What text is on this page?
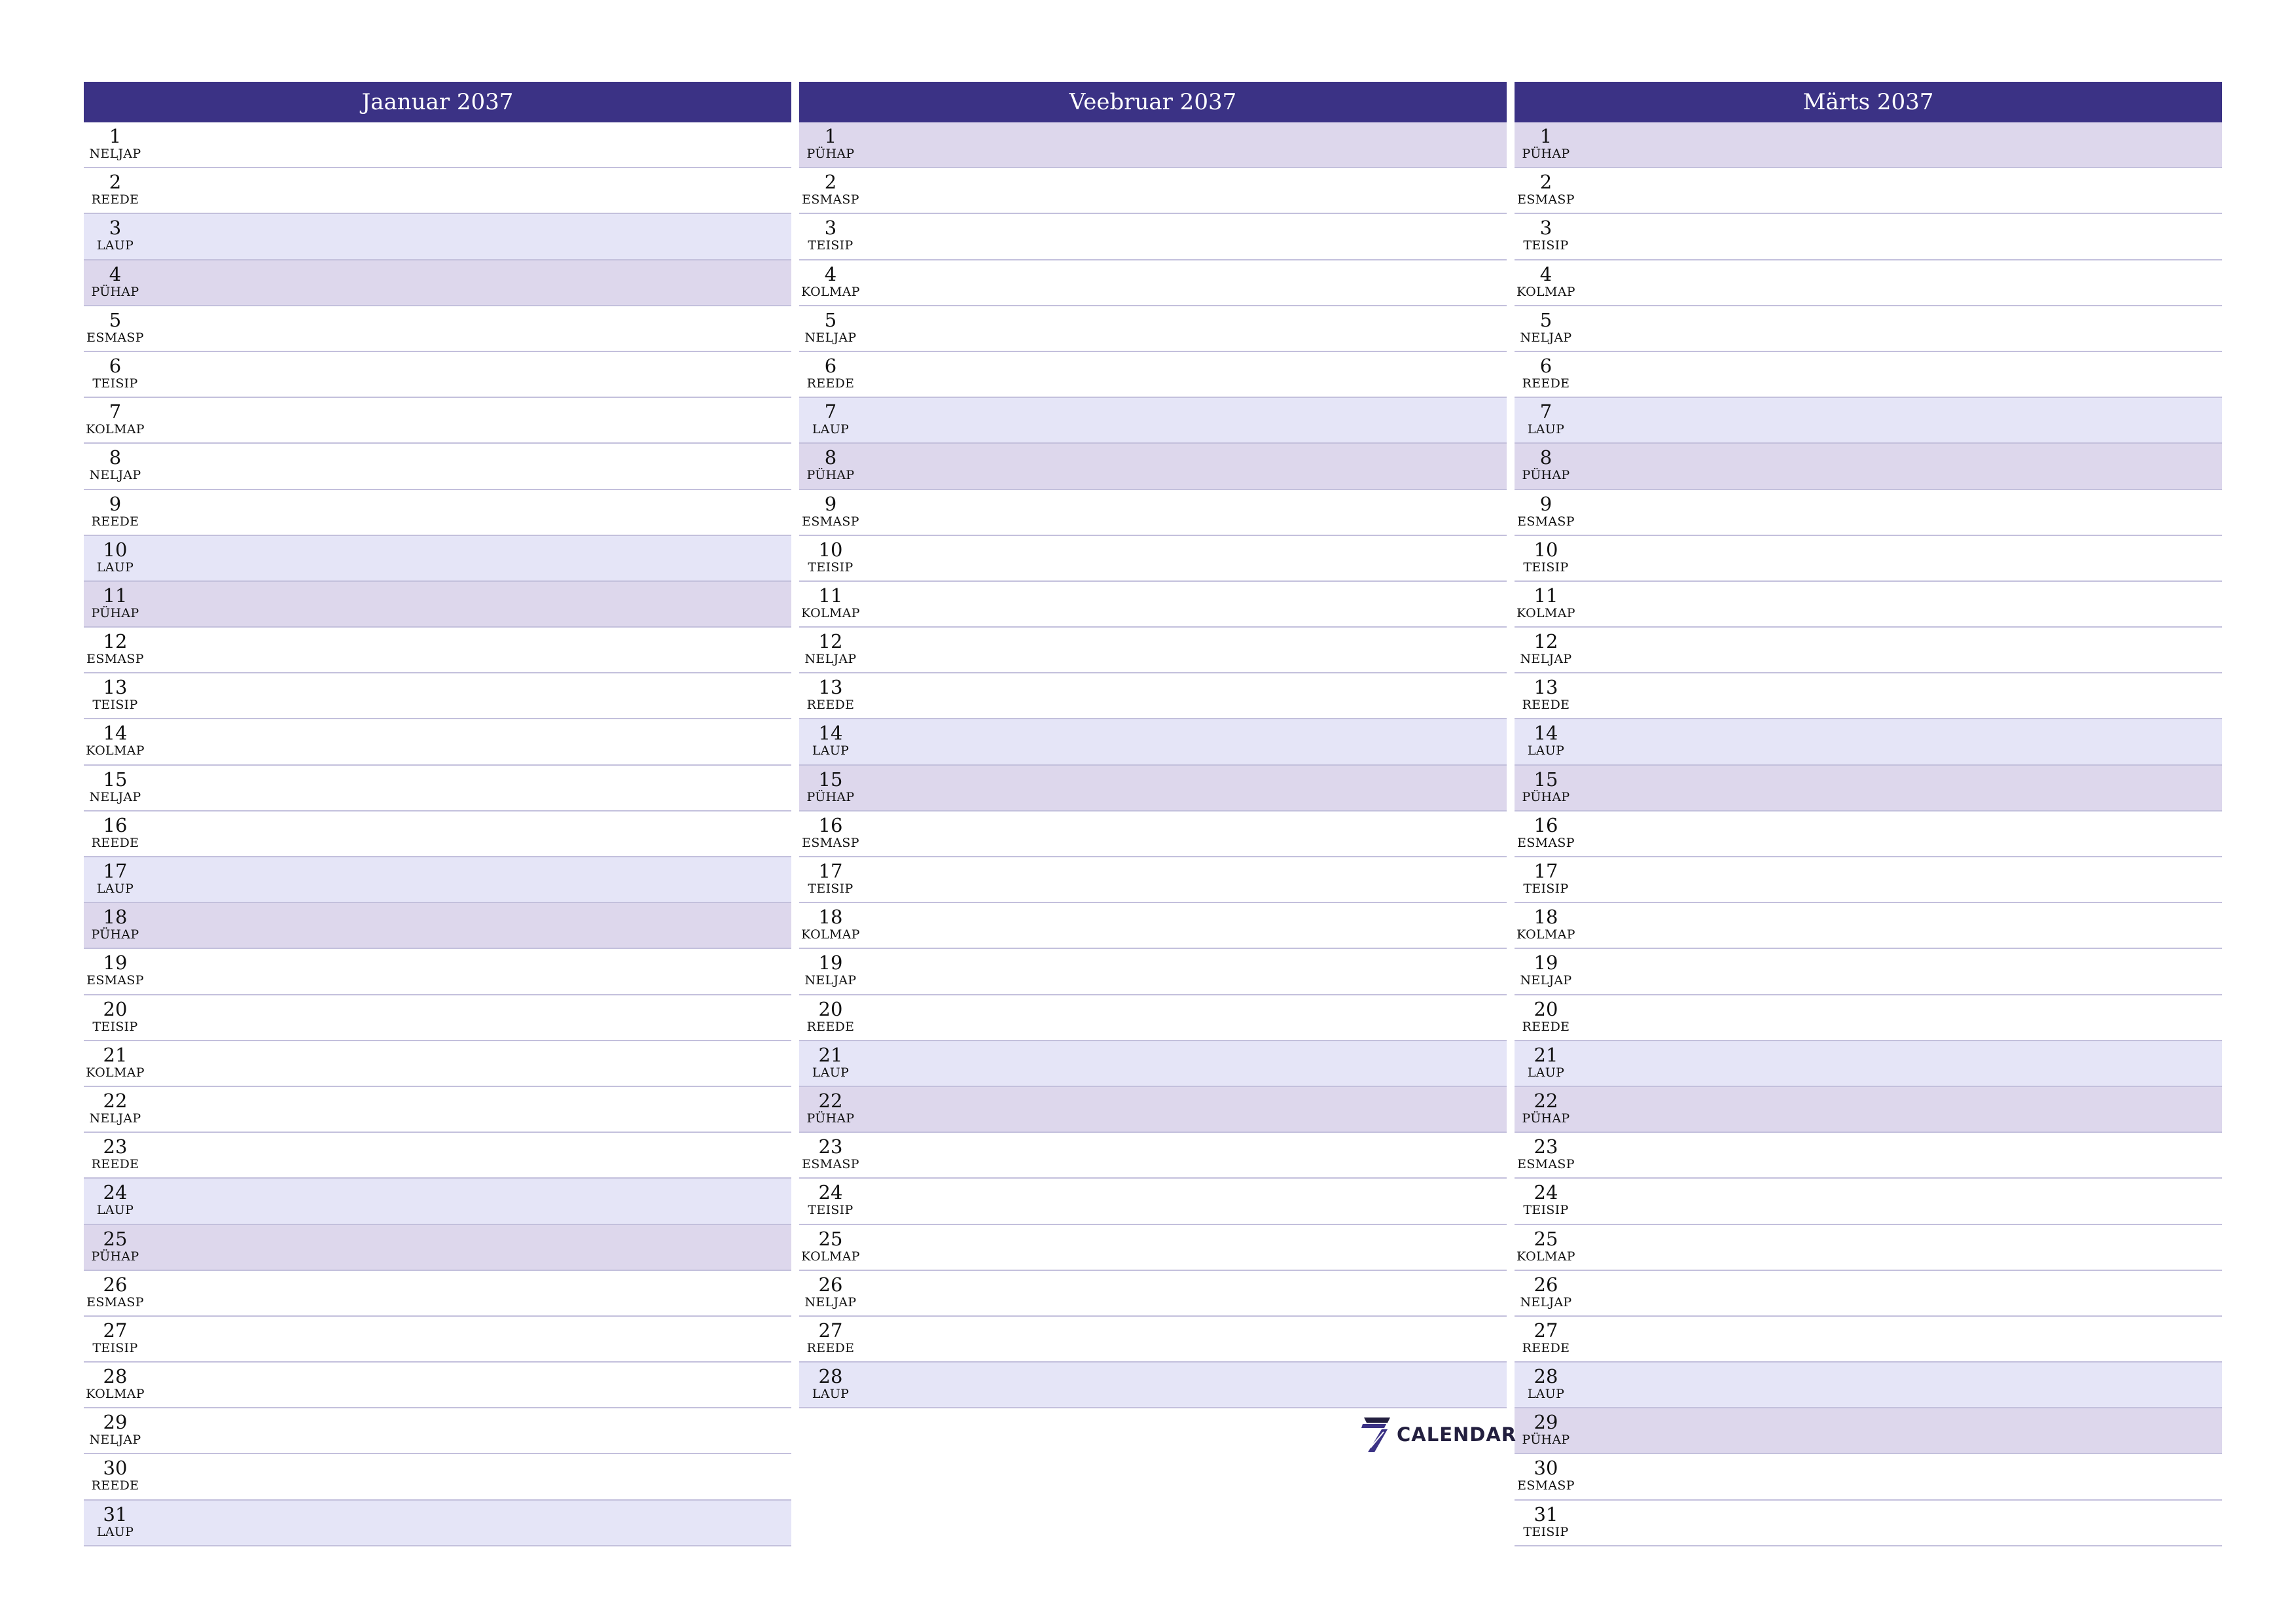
Jaanuar 2037
1
NELJAP
2
REEDE
3
LAUP
4
PÜHAP
5
ESMASP
6
TEISIP
7
KOLMAP
8
NELJAP
9
REEDE
10
LAUP
11
PÜHAP
12
ESMASP
13
TEISIP
14
KOLMAP
15
NELJAP
16
REEDE
17
LAUP
18
PÜHAP
19
ESMASP
20
TEISIP
21
KOLMAP
22
NELJAP
23
REEDE
24
LAUP
25
PÜHAP
26
ESMASP
27
TEISIP
28
KOLMAP
29
NELJAP
30
REEDE
31
LAUP
Veebruar 2037
1
PÜHAP
2
ESMASP
3
TEISIP
4
KOLMAP
5
NELJAP
6
REEDE
7
LAUP
8
PÜHAP
9
ESMASP
10
TEISIP
11
KOLMAP
12
NELJAP
13
REEDE
14
LAUP
15
PÜHAP
16
ESMASP
17
TEISIP
18
KOLMAP
19
NELJAP
20
REEDE
21
LAUP
22
PÜHAP
23
ESMASP
24
TEISIP
25
KOLMAP
26
NELJAP
27
REEDE
28
LAUP
Märts 2037
1
PÜHAP
2
ESMASP
3
TEISIP
4
KOLMAP
5
NELJAP
6
REEDE
7
LAUP
8
PÜHAP
9
ESMASP
10
TEISIP
11
KOLMAP
12
NELJAP
13
REEDE
14
LAUP
15
PÜHAP
16
ESMASP
17
TEISIP
18
KOLMAP
19
NELJAP
20
REEDE
21
LAUP
22
PÜHAP
23
ESMASP
24
TEISIP
25
KOLMAP
26
NELJAP
27
REEDE
28
LAUP
29
PÜHAP
30
ESMASP
31
TEISIP
CALENDAR
